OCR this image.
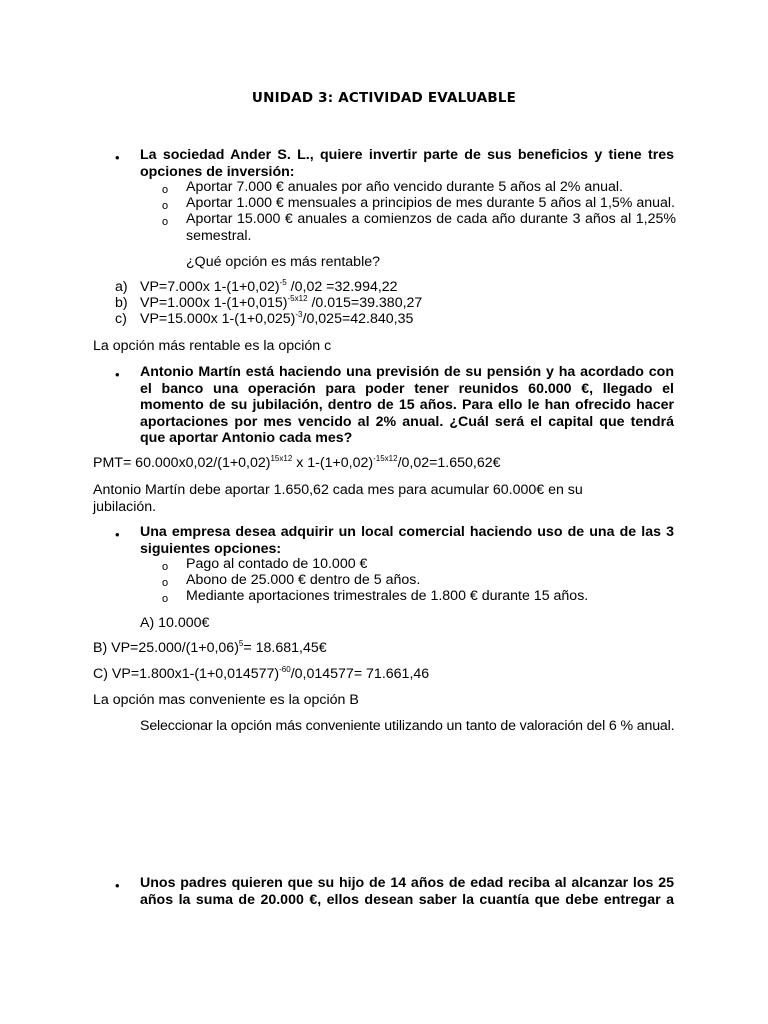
UNIDAD 3: ACTIVIDAD EVALUABLE
•	La sociedad Ander S. L., quiere invertir parte de sus beneficios y tiene tres opciones de inversión:
o Aportar 7.000 € anuales por año vencido durante 5 años al 2% anual.
o Aportar 1.000 € mensuales a principios de mes durante 5 años al 1,5% anual.
o Aportar 15.000 € anuales a comienzos de cada año durante 3 años al 1,25% semestral.
¿Qué opción es más rentable?
a) VP=7.000x $1-(1+0,02)^{-5}$ /0,02 =32.994,22
b) VP=1.000x $1-(1+0,015)^{-5x12}$ /0.015=39.380,27
c) VP=15.000x $1-(1+0,025)^{-3}/0,025=42.840,35$
La opción más rentable es la opción c
•	Antonio Martín está haciendo una previsión de su pensión y ha acordado con el banco una operación para poder tener reunidos 60.000 €, llegado el momento de su jubilación, dentro de 15 años. Para ello le han ofrecido hacer aportaciones por mes vencido al 2% anual. ¿Cuál será el capital que tendrá que aportar Antonio cada mes?
$PMT= 60.000x0,02/(1+0,02)^{15x12}$ x $1-(1+0,02)^{-15x12}/0,02=1.650,62€$
Antonio Martín debe aportar 1.650,62 cada mes para acumular 60.000€ en su jubilación.
•	Una empresa desea adquirir un local comercial haciendo uso de una de las 3 siguientes opciones:
o Pago al contado de 10.000 €
o Abono de 25.000 € dentro de 5 años.
o Mediante aportaciones trimestrales de 1.800 € durante 15 años.
A) 10.000€
B) $VP=25.000/(1+0,06)^5=$ 18.681,45€
C) $VP=1.800x1-(1+0,014577)^{-60}/0,014577= 71.661,46$
La opción mas conveniente es la opción B
Seleccionar la opción más conveniente utilizando un tanto de valoración del 6 % anual.
•	Unos padres quieren que su hijo de 14 años de edad reciba al alcanzar los 25 años la suma de 20.000 €, ellos desean saber la cuantía que debe entregar a
